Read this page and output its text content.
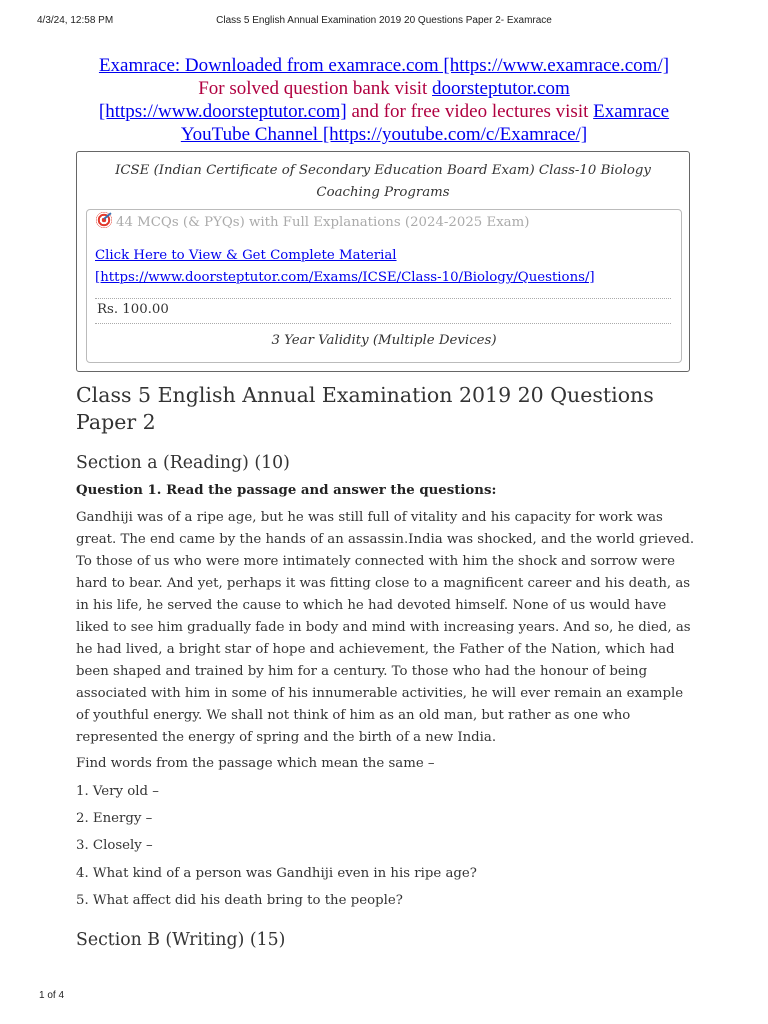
4/3/24, 12:58 PM	Class 5 English Annual Examination 2019 20 Questions Paper 2- Examrace
Examrace: Downloaded from examrace.com [https://www.examrace.com/]
For solved question bank visit doorsteptutor.com
[https://www.doorsteptutor.com] and for free video lectures visit Examrace
YouTube Channel [https://youtube.com/c/Examrace/]
ICSE (Indian Certificate of Secondary Education Board Exam) Class-10 Biology Coaching Programs
44 MCQs (& PYQs) with Full Explanations (2024-2025 Exam)
Click Here to View & Get Complete Material
[https://www.doorsteptutor.com/Exams/ICSE/Class-10/Biology/Questions/]
Rs. 100.00
3 Year Validity (Multiple Devices)
Class 5 English Annual Examination 2019 20 Questions Paper 2
Section a (Reading) (10)
Question 1. Read the passage and answer the questions:

Gandhiji was of a ripe age, but he was still full of vitality and his capacity for work was great. The end came by the hands of an assassin.India was shocked, and the world grieved. To those of us who were more intimately connected with him the shock and sorrow were hard to bear. And yet, perhaps it was fitting close to a magnificent career and his death, as in his life, he served the cause to which he had devoted himself. None of us would have liked to see him gradually fade in body and mind with increasing years. And so, he died, as he had lived, a bright star of hope and achievement, the Father of the Nation, which had been shaped and trained by him for a century. To those who had the honour of being associated with him in some of his innumerable activities, he will ever remain an example of youthful energy. We shall not think of him as an old man, but rather as one who represented the energy of spring and the birth of a new India.

Find words from the passage which mean the same –
1. Very old –
2. Energy –
3. Closely –
4. What kind of a person was Gandhiji even in his ripe age?
5. What affect did his death bring to the people?
Section B (Writing) (15)
1 of 4
